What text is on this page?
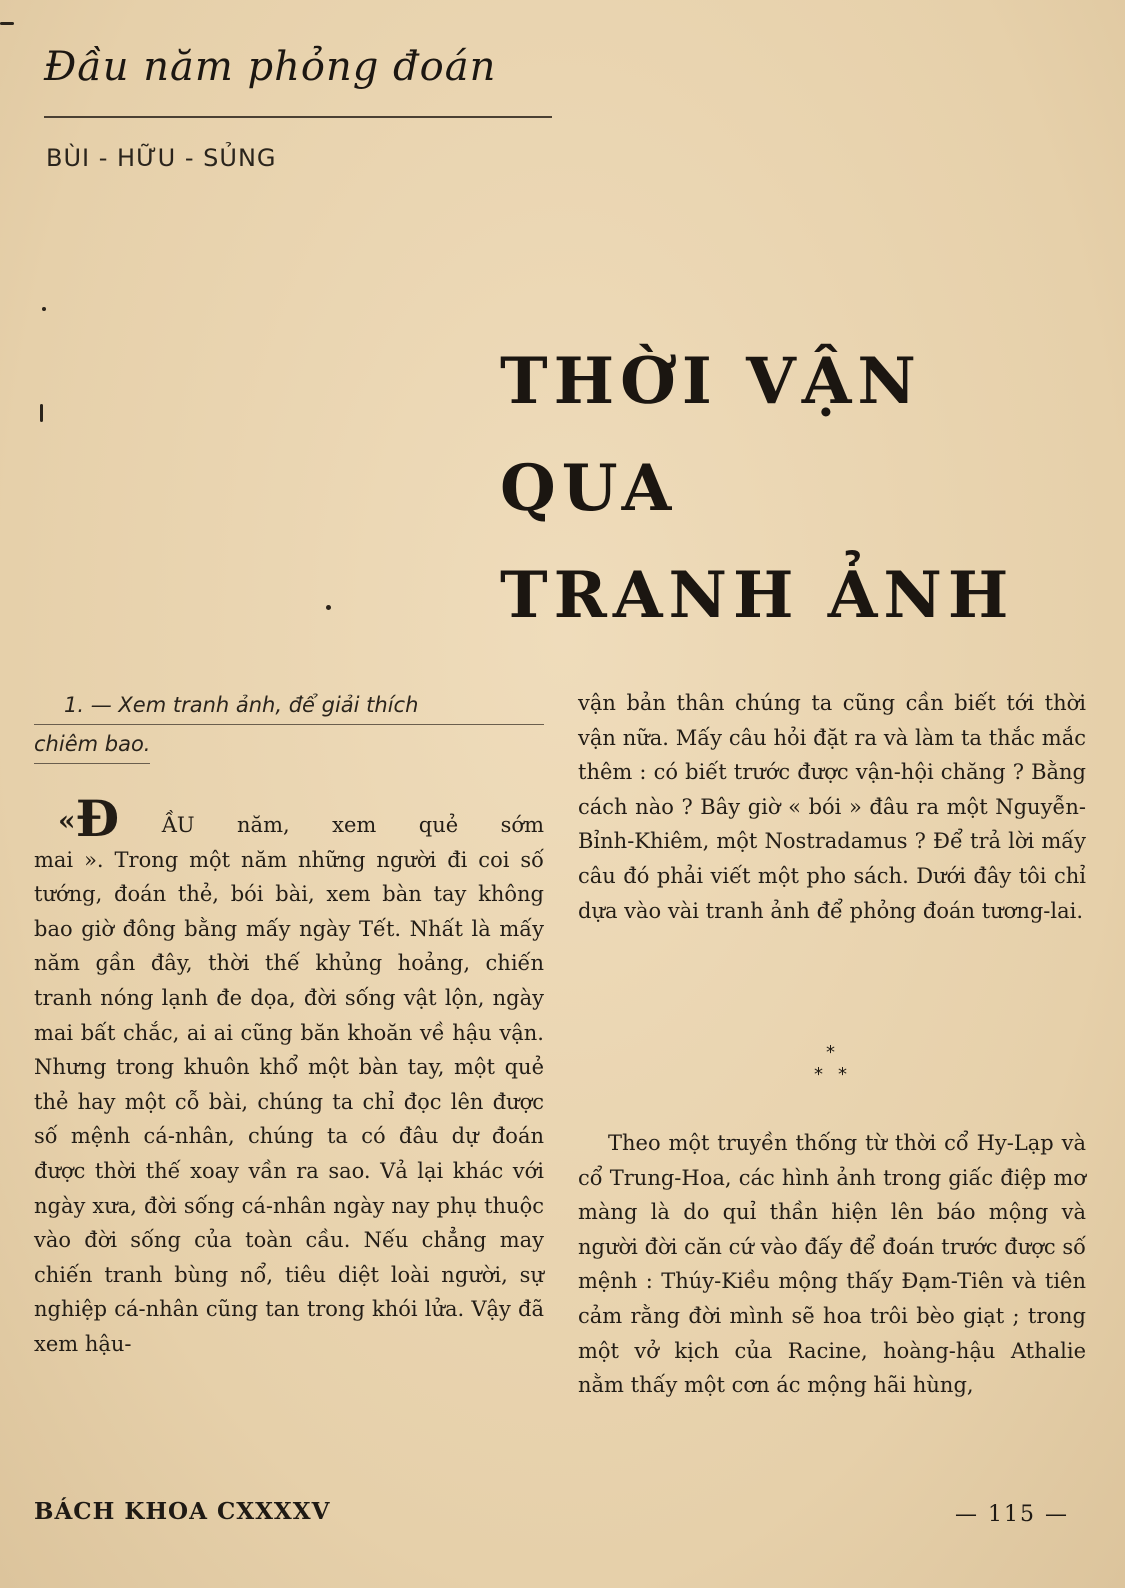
Đầu năm phỏng đoán
BÙI - HỮU - SỦNG
THỜI VẬN
QUA
TRANH ẢNH
1. — Xem tranh ảnh, để giải thích
chiêm bao.
«Đ ẦU năm, xem quẻ sớm
mai ». Trong một năm những người đi coi số tướng, đoán thẻ, bói bài, xem bàn tay không bao giờ đông bằng mấy ngày Tết. Nhất là mấy năm gần đây, thời thế khủng hoảng, chiến tranh nóng lạnh đe dọa, đời sống vật lộn, ngày mai bất chắc, ai ai cũng băn khoăn về hậu vận. Nhưng trong khuôn khổ một bàn tay, một quẻ thẻ hay một cỗ bài, chúng ta chỉ đọc lên được số mệnh cá-nhân, chúng ta có đâu dự đoán được thời thế xoay vần ra sao. Vả lại khác với ngày xưa, đời sống cá-nhân ngày nay phụ thuộc vào đời sống của toàn cầu. Nếu chẳng may chiến tranh bùng nổ, tiêu diệt loài người, sự nghiệp cá-nhân cũng tan trong khói lửa. Vậy đã xem hậu-
vận bản thân chúng ta cũng cần biết tới thời vận nữa. Mấy câu hỏi đặt ra và làm ta thắc mắc thêm : có biết trước được vận-hội chăng ? Bằng cách nào ? Bây giờ « bói » đâu ra một Nguyễn-Bỉnh-Khiêm, một Nostradamus ? Để trả lời mấy câu đó phải viết một pho sách. Dưới đây tôi chỉ dựa vào vài tranh ảnh để phỏng đoán tương-lai.
*
* *
Theo một truyền thống từ thời cổ Hy-Lạp và cổ Trung-Hoa, các hình ảnh trong giấc điệp mơ màng là do quỉ thần hiện lên báo mộng và người đời căn cứ vào đấy để đoán trước được số mệnh : Thúy-Kiều mộng thấy Đạm-Tiên và tiên cảm rằng đời mình sẽ hoa trôi bèo giạt ; trong một vở kịch của Racine, hoàng-hậu Athalie nằm thấy một cơn ác mộng hãi hùng,
BÁCH KHOA CXXXXV	— 115 —
